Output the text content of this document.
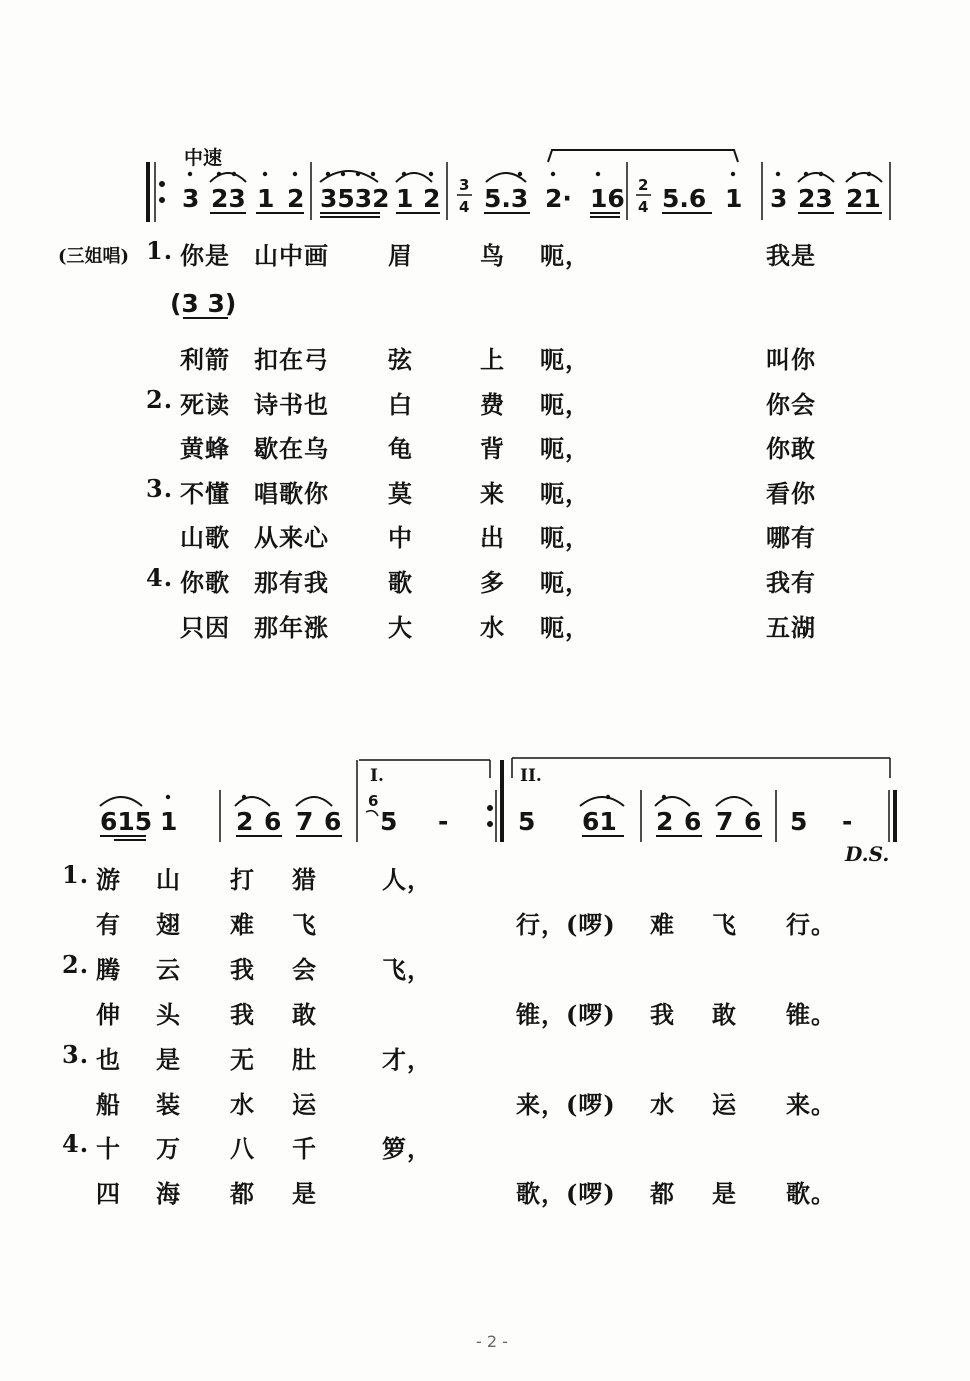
3 23 1 2 3532 1 2 3
4 5.3 2· 16 2
4 5.6 1 3 23 21
(3 3)
I.	II.
615 1 2 6 7 6
6
5 -	5 61 2 6 7 6 5 -
中速
(三姐唱) 1. 你是 山中画 眉	鸟 呃，	我是
利箭 扣在弓 弦	上 呃，	叫你
2. 死读 诗书也 白	费 呃，	你会
黄蜂 歇在乌 龟	背 呃，	你敢
3. 不懂 唱歌你 莫	来 呃，	看你
山歌 从来心 中	出 呃，	哪有
4. 你歌 那有我 歌	多 呃，	我有
只因 那年涨 大	水 呃，	五湖
1. 游 山 打 猎	人，
有 翅 难 飞	行，(啰) 难 飞 行。
2. 腾 云 我 会	飞，
伸 头 我 敢	锥，(啰) 我 敢 锥。
3. 也 是 无 肚	才，
船 装 水 运	来，(啰) 水 运 来。
4. 十 万 八 千	箩，
四 海 都 是	歌，(啰) 都 是 歌。
D.S.
- 2 -
